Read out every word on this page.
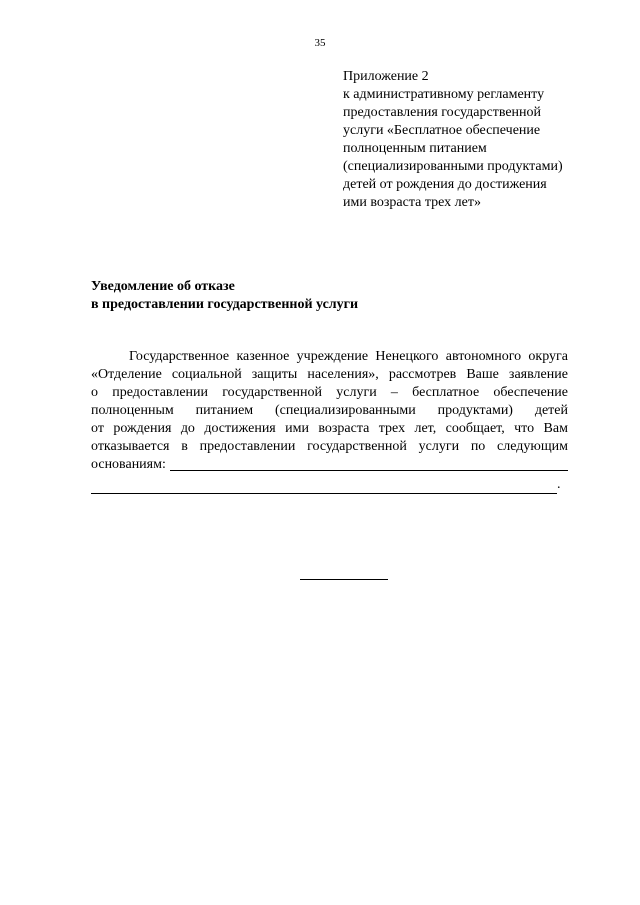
35
Приложение 2
к административному регламенту
предоставления государственной
услуги «Бесплатное обеспечение
полноценным питанием
(специализированными продуктами)
детей от рождения до достижения
ими возраста трех лет»
Уведомление об отказе
в предоставлении государственной услуги
Государственное казенное учреждение Ненецкого автономного округа
«Отделение социальной защиты населения», рассмотрев Ваше заявление
о предоставлении государственной услуги – бесплатное обеспечение
полноценным питанием (специализированными продуктами) детей
от рождения до достижения ими возраста трех лет, сообщает, что Вам
отказывается в предоставлении государственной услуги по следующим
основаниям:
.
